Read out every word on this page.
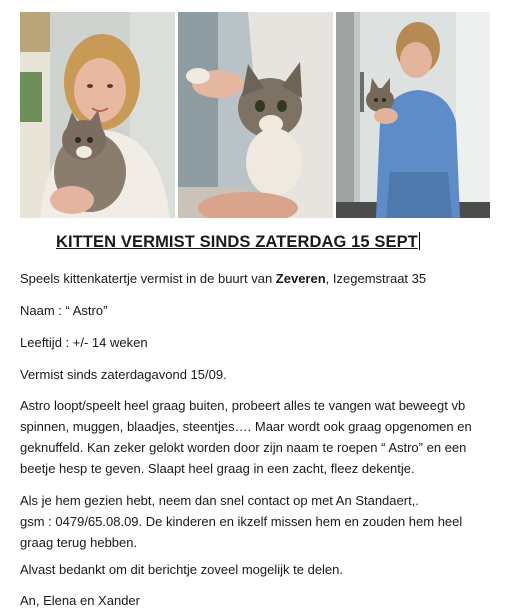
KITTEN VERMIST SINDS ZATERDAG 15 SEPT
Speels kittenkatertje vermist in de buurt van Zeveren, Izegemstraat 35
Naam : “ Astro”
Leeftijd : +/- 14 weken
Vermist sinds zaterdagavond 15/09.
Astro loopt/speelt heel graag buiten, probeert alles te vangen wat beweegt vb
spinnen, muggen, blaadjes, steentjes…. Maar wordt ook graag opgenomen en
geknuffeld. Kan zeker gelokt worden door zijn naam te roepen “ Astro” en een
beetje hesp te geven. Slaapt heel graag in een zacht, fleez dekentje.
Als je hem gezien hebt, neem dan snel contact op met An Standaert,.
gsm : 0479/65.08.09. De kinderen en ikzelf missen hem en zouden hem heel
graag terug hebben.
Alvast bedankt om dit berichtje zoveel mogelijk te delen.
An, Elena en Xander
